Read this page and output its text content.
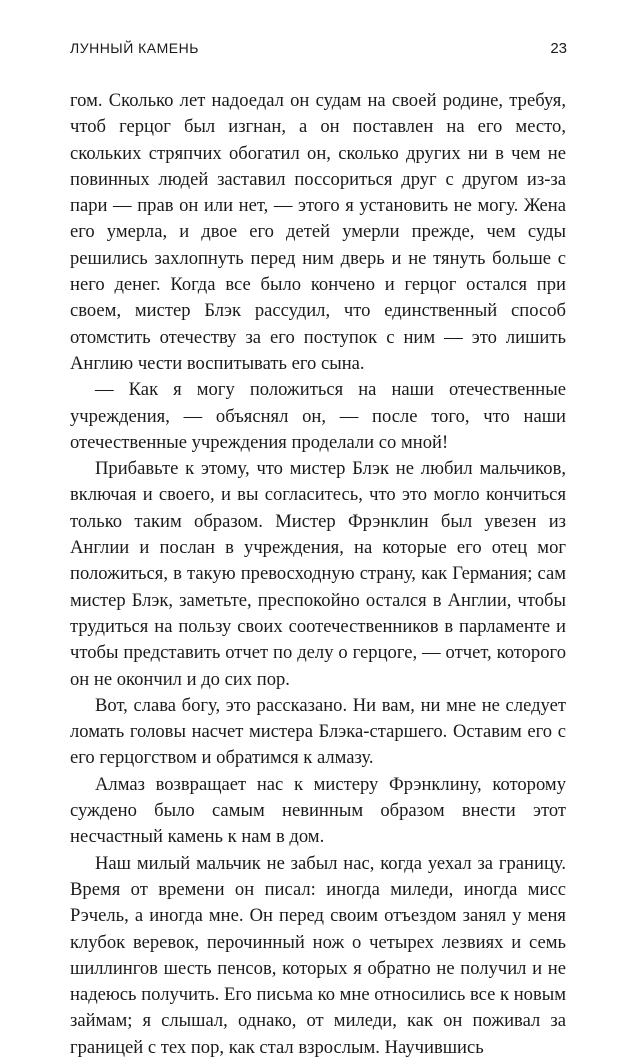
ЛУННЫЙ КАМЕНЬ	23

гом. Сколько лет надоедал он судам на своей родине, требуя, чтоб герцог был изгнан, а он поставлен на его место, скольких стряпчих обогатил он, сколько других ни в чем не повинных людей заставил поссориться друг с другом из-за пари — прав он или нет, — этого я установить не могу. Жена его умерла, и двое его детей умерли прежде, чем суды решились захлопнуть перед ним дверь и не тянуть больше с него денег. Когда все было кончено и герцог остался при своем, мистер Блэк рассудил, что единственный способ отомстить отечеству за его поступок с ним — это лишить Англию чести воспитывать его сына.

— Как я могу положиться на наши отечественные учреждения, — объяснял он, — после того, что наши отечественные учреждения проделали со мной!

Прибавьте к этому, что мистер Блэк не любил мальчиков, включая и своего, и вы согласитесь, что это могло кончиться только таким образом. Мистер Фрэнклин был увезен из Англии и послан в учреждения, на которые его отец мог положиться, в такую превосходную страну, как Германия; сам мистер Блэк, заметьте, преспокойно остался в Англии, чтобы трудиться на пользу своих соотечественников в парламенте и чтобы представить отчет по делу о герцоге, — отчет, которого он не окончил и до сих пор.

Вот, слава богу, это рассказано. Ни вам, ни мне не следует ломать головы насчет мистера Блэка-старшего. Оставим его с его герцогством и обратимся к алмазу.

Алмаз возвращает нас к мистеру Фрэнклину, которому суждено было самым невинным образом внести этот несчастный камень к нам в дом.

Наш милый мальчик не забыл нас, когда уехал за границу. Время от времени он писал: иногда миледи, иногда мисс Рэчель, а иногда мне. Он перед своим отъездом занял у меня клубок веревок, перочинный нож о четырех лезвиях и семь шиллингов шесть пенсов, которых я обратно не получил и не надеюсь получить. Его письма ко мне относились все к новым займам; я слышал, однако, от миледи, как он поживал за границей с тех пор, как стал взрослым. Научившись
